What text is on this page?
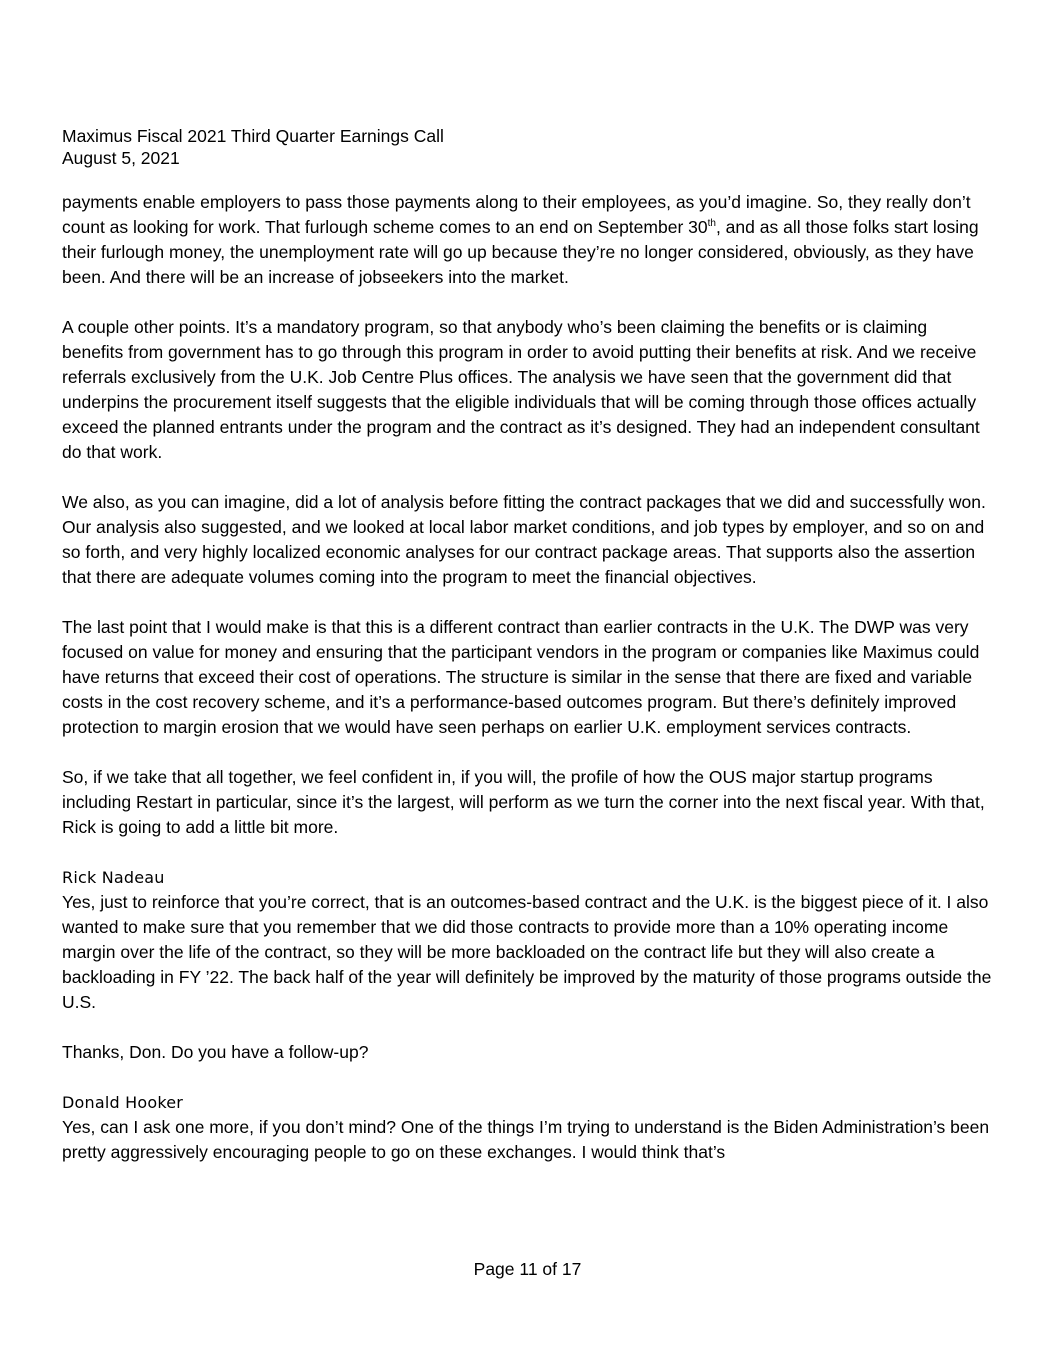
Maximus Fiscal 2021 Third Quarter Earnings Call
August 5, 2021

payments enable employers to pass those payments along to their employees, as you’d imagine. So, they really don’t count as looking for work. That furlough scheme comes to an end on September 30th, and as all those folks start losing their furlough money, the unemployment rate will go up because they’re no longer considered, obviously, as they have been. And there will be an increase of jobseekers into the market.

A couple other points. It’s a mandatory program, so that anybody who’s been claiming the benefits or is claiming benefits from government has to go through this program in order to avoid putting their benefits at risk. And we receive referrals exclusively from the U.K. Job Centre Plus offices. The analysis we have seen that the government did that underpins the procurement itself suggests that the eligible individuals that will be coming through those offices actually exceed the planned entrants under the program and the contract as it’s designed. They had an independent consultant do that work.

We also, as you can imagine, did a lot of analysis before fitting the contract packages that we did and successfully won. Our analysis also suggested, and we looked at local labor market conditions, and job types by employer, and so on and so forth, and very highly localized economic analyses for our contract package areas. That supports also the assertion that there are adequate volumes coming into the program to meet the financial objectives.

The last point that I would make is that this is a different contract than earlier contracts in the U.K. The DWP was very focused on value for money and ensuring that the participant vendors in the program or companies like Maximus could have returns that exceed their cost of operations. The structure is similar in the sense that there are fixed and variable costs in the cost recovery scheme, and it’s a performance-based outcomes program. But there’s definitely improved protection to margin erosion that we would have seen perhaps on earlier U.K. employment services contracts.

So, if we take that all together, we feel confident in, if you will, the profile of how the OUS major startup programs including Restart in particular, since it’s the largest, will perform as we turn the corner into the next fiscal year. With that, Rick is going to add a little bit more.

Rick Nadeau
Yes, just to reinforce that you’re correct, that is an outcomes-based contract and the U.K. is the biggest piece of it. I also wanted to make sure that you remember that we did those contracts to provide more than a 10% operating income margin over the life of the contract, so they will be more backloaded on the contract life but they will also create a backloading in FY ’22. The back half of the year will definitely be improved by the maturity of those programs outside the U.S.

Thanks, Don. Do you have a follow-up?

Donald Hooker
Yes, can I ask one more, if you don’t mind? One of the things I’m trying to understand is the Biden Administration’s been pretty aggressively encouraging people to go on these exchanges. I would think that’s

Page 11 of 17
